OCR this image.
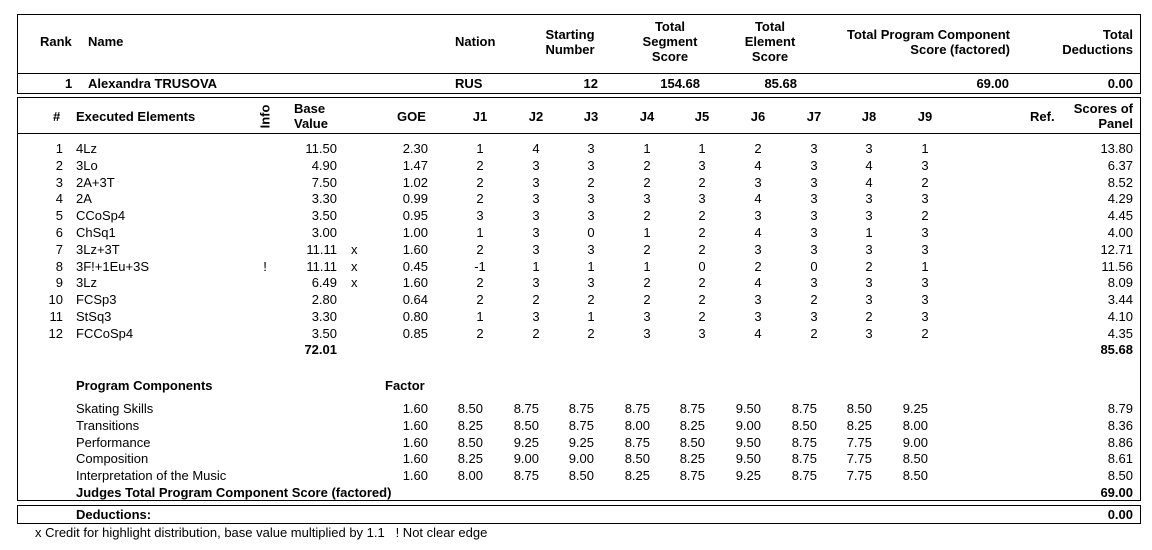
Rank Name	Nation	Starting
Number
Total
Segment
Score
Total
Element
Score
Total Program Component
Score (factored)
Total
Deductions
1 Alexandra TRUSOVA	RUS	12	154.68	85.68	69.00	0.00
# Executed Elements	Info Base
Value	GOE	J1	J2	J3	J4	J5	J6	J7	J8	J9	Ref.
Scores of
Panel
1 4Lz	11.50	2.30	1	4	3	1	1	2	3	3	1	13.80
2 3Lo	4.90	1.47	2	3	3	2	3	4	3	4	3	6.37
3 2A+3T	7.50	1.02	2	3	2	2	2	3	3	4	2	8.52
4 2A	3.30	0.99	2	3	3	3	3	4	3	3	3	4.29
5 CCoSp4	3.50	0.95	3	3	3	2	2	3	3	3	2	4.45
6 ChSq1	3.00	1.00	1	3	0	1	2	4	3	1	3	4.00
7 3Lz+3T	11.11 x	1.60	2	3	3	2	2	3	3	3	3	12.71
8 3F!+1Eu+3S	!	11.11 x	0.45	-1	1	1	1	0	2	0	2	1	11.56
9 3Lz	6.49 x	1.60	2	3	3	2	2	4	3	3	3	8.09
10 FCSp3	2.80	0.64	2	2	2	2	2	3	2	3	3	3.44
11 StSq3	3.30	0.80	1	3	1	3	2	3	3	2	3	4.10
12 FCCoSp4	3.50	0.85	2	2	2	3	3	4	2	3	2	4.35
72.01	85.68
Program Components	Factor
Skating Skills	1.60	8.50	8.75	8.75	8.75	8.75	9.50	8.75	8.50	9.25	8.79
Transitions	1.60	8.25	8.50	8.75	8.00	8.25	9.00	8.50	8.25	8.00	8.36
Performance	1.60	8.50	9.25	9.25	8.75	8.50	9.50	8.75	7.75	9.00	8.86
Composition	1.60	8.25	9.00	9.00	8.50	8.25	9.50	8.75	7.75	8.50	8.61
Interpretation of the Music	1.60	8.00	8.75	8.50	8.25	8.75	9.25	8.75	7.75	8.50	8.50
Judges Total Program Component Score (factored)	69.00
Deductions:	0.00
x Credit for highlight distribution, base value multiplied by 1.1   ! Not clear edge
